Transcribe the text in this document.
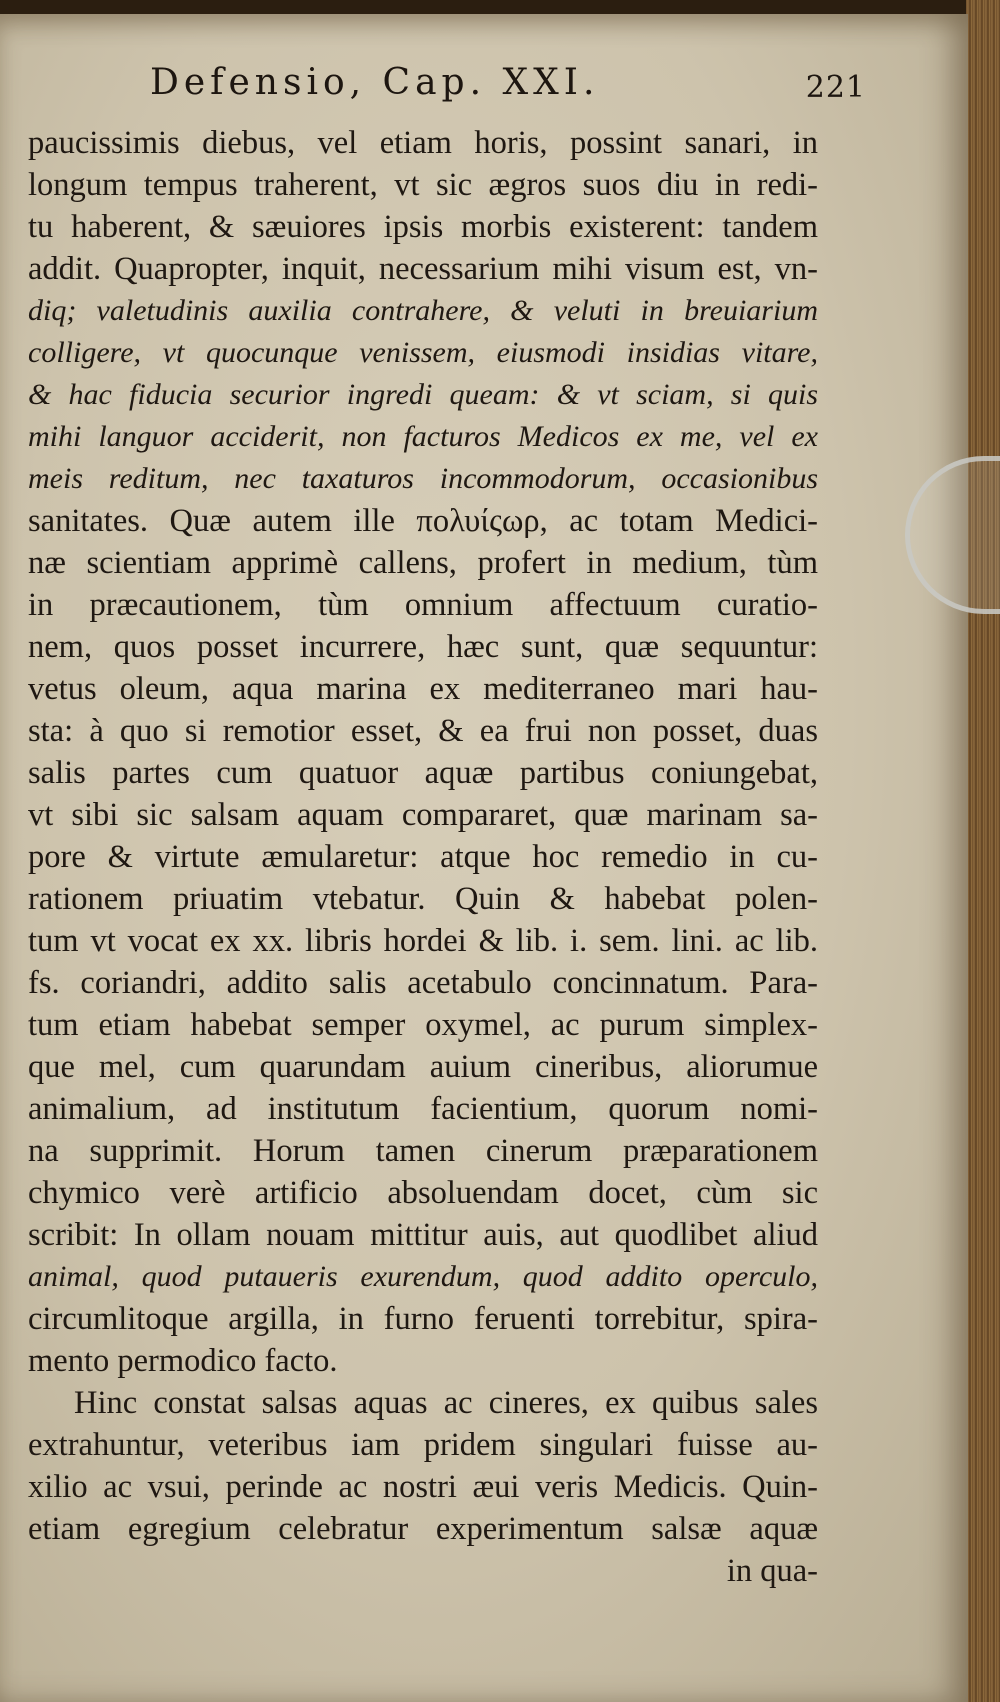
Defensio, Cap. XXI.	221
paucissimis diebus, vel etiam horis, possint sanari, in
longum tempus traherent, vt sic ægros suos diu in redi-
tu haberent, & sæuiores ipsis morbis existerent: tandem
addit. Quapropter, inquit, necessarium mihi visum est, vn-
diq; valetudinis auxilia contrahere, & veluti in breuiarium
colligere, vt quocunque venissem, eiusmodi insidias vitare,
& hac fiducia securior ingredi queam: & vt sciam, si quis
mihi languor acciderit, non facturos Medicos ex me, vel ex
meis reditum, nec taxaturos incommodorum, occasionibus
sanitates. Quæ autem ille πολυίςωρ, ac totam Medici-
næ scientiam apprimè callens, profert in medium, tùm
in præcautionem, tùm omnium affectuum curatio-
nem, quos posset incurrere, hæc sunt, quæ sequuntur:
vetus oleum, aqua marina ex mediterraneo mari hau-
sta: à quo si remotior esset, & ea frui non posset, duas
salis partes cum quatuor aquæ partibus coniungebat,
vt sibi sic salsam aquam compararet, quæ marinam sa-
pore & virtute æmularetur: atque hoc remedio in cu-
rationem priuatim vtebatur. Quin & habebat polen-
tum vt vocat ex xx. libris hordei & lib. i. sem. lini. ac lib.
fs. coriandri, addito salis acetabulo concinnatum. Para-
tum etiam habebat semper oxymel, ac purum simplex-
que mel, cum quarundam auium cineribus, aliorumue
animalium, ad institutum facientium, quorum nomi-
na supprimit. Horum tamen cinerum præparationem
chymico verè artificio absoluendam docet, cùm sic
scribit: In ollam nouam mittitur auis, aut quodlibet aliud
animal, quod putaueris exurendum, quod addito operculo,
circumlitoque argilla, in furno feruenti torrebitur, spira-
mento permodico facto.
Hinc constat salsas aquas ac cineres, ex quibus sales
extrahuntur, veteribus iam pridem singulari fuisse au-
xilio ac vsui, perinde ac nostri æui veris Medicis. Quin-
etiam egregium celebratur experimentum salsæ aquæ
in qua-
